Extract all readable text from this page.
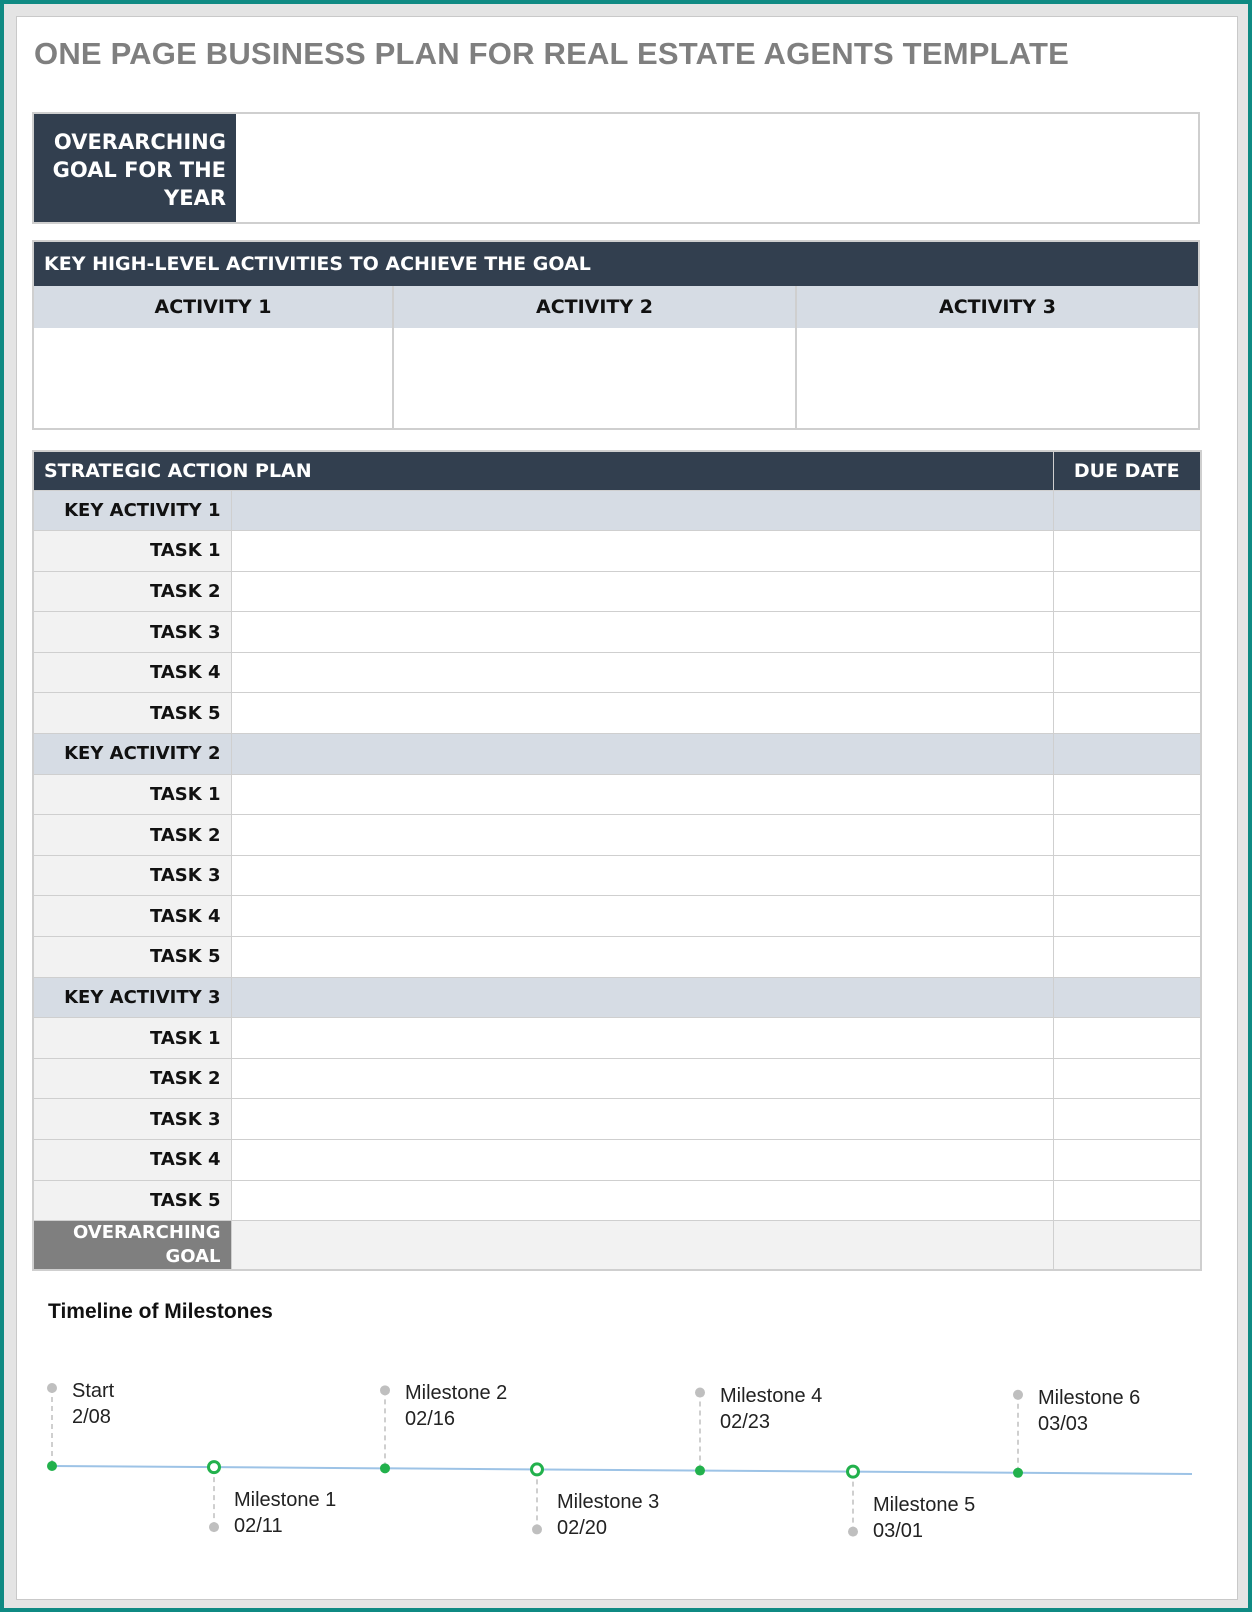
ONE PAGE BUSINESS PLAN FOR REAL ESTATE AGENTS TEMPLATE
OVERARCHING GOAL FOR THE YEAR
KEY HIGH-LEVEL ACTIVITIES TO ACHIEVE THE GOAL
ACTIVITY 1	ACTIVITY 2	ACTIVITY 3
STRATEGIC ACTION PLAN		DUE DATE
KEY ACTIVITY 1		
TASK 1		
TASK 2		
TASK 3		
TASK 4		
TASK 5		
KEY ACTIVITY 2		
TASK 1		
TASK 2		
TASK 3		
TASK 4		
TASK 5		
KEY ACTIVITY 3		
TASK 1		
TASK 2		
TASK 3		
TASK 4		
TASK 5		
OVERARCHING GOAL		
Timeline of Milestones
Start
2/08
Milestone 1
02/11
Milestone 2
02/16
Milestone 3
02/20
Milestone 4
02/23
Milestone 5
03/01
Milestone 6
03/03
